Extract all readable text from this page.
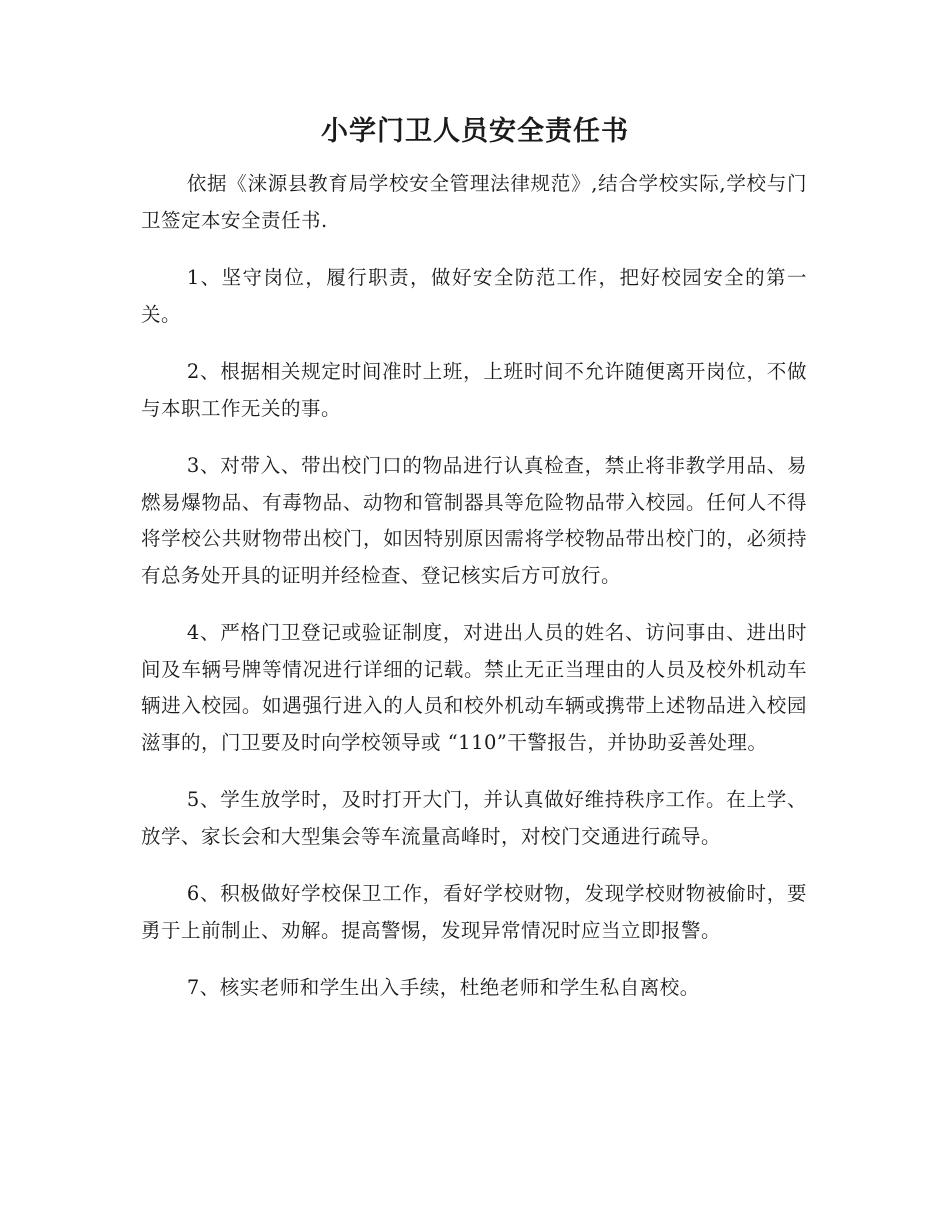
小学门卫人员安全责任书

依据《涞源县教育局学校安全管理法律规范》,结合学校实际,学校与门卫签定本安全责任书.

1、坚守岗位，履行职责，做好安全防范工作，把好校园安全的第一关。

2、根据相关规定时间准时上班，上班时间不允许随便离开岗位，不做与本职工作无关的事。

3、对带入、带出校门口的物品进行认真检查，禁止将非教学用品、易燃易爆物品、有毒物品、动物和管制器具等危险物品带入校园。任何人不得将学校公共财物带出校门，如因特别原因需将学校物品带出校门的，必须持有总务处开具的证明并经检查、登记核实后方可放行。

4、严格门卫登记或验证制度，对进出人员的姓名、访问事由、进出时间及车辆号牌等情况进行详细的记载。禁止无正当理由的人员及校外机动车辆进入校园。如遇强行进入的人员和校外机动车辆或携带上述物品进入校园滋事的，门卫要及时向学校领导或 “110”干警报告，并协助妥善处理。

5、学生放学时，及时打开大门，并认真做好维持秩序工作。在上学、放学、家长会和大型集会等车流量高峰时，对校门交通进行疏导。

6、积极做好学校保卫工作，看好学校财物，发现学校财物被偷时，要勇于上前制止、劝解。提高警惕，发现异常情况时应当立即报警。

7、核实老师和学生出入手续，杜绝老师和学生私自离校。
